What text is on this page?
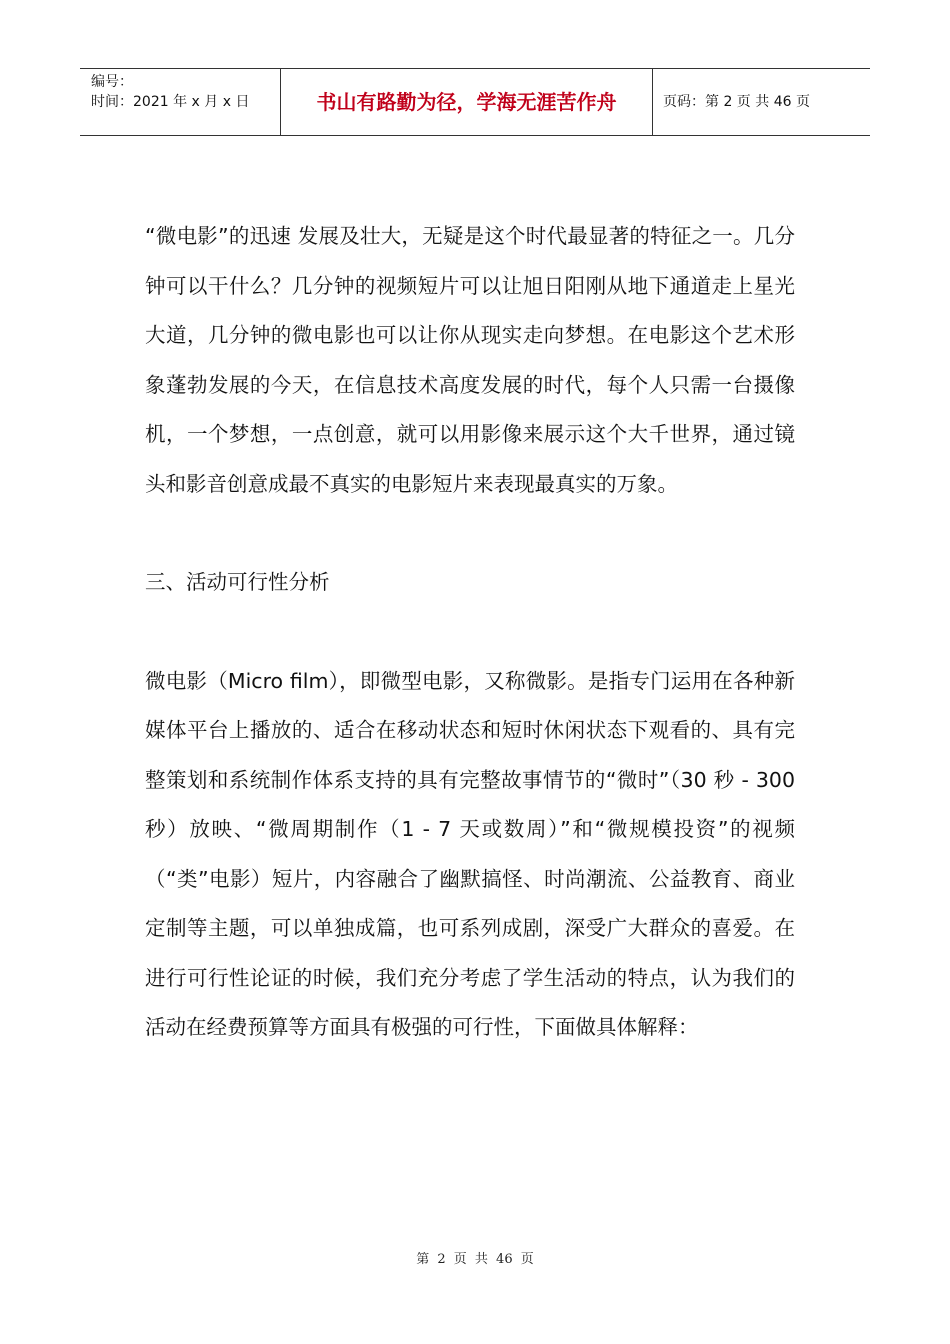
编号：
时间：2021 年 x 月 x 日	书山有路勤为径，学海无涯苦作舟	页码：第 2 页 共 46 页

“微电影”的迅速 发展及壮大，无疑是这个时代最显著的特征之一。几分钟可以干什么？几分钟的视频短片可以让旭日阳刚从地下通道走上星光大道，几分钟的微电影也可以让你从现实走向梦想。在电影这个艺术形象蓬勃发展的今天，在信息技术高度发展的时代，每个人只需一台摄像机，一个梦想，一点创意，就可以用影像来展示这个大千世界，通过镜头和影音创意成最不真实的电影短片来表现最真实的万象。

三、活动可行性分析

微电影（Micro film），即微型电影，又称微影。是指专门运用在各种新媒体平台上播放的、适合在移动状态和短时休闲状态下观看的、具有完整策划和系统制作体系支持的具有完整故事情节的“微时”（30 秒 - 300 秒）放映、“微周期制作（1 - 7 天或数周）”和“微规模投资”的视频（“类”电影）短片，内容融合了幽默搞怪、时尚潮流、公益教育、商业定制等主题，可以单独成篇，也可系列成剧，深受广大群众的喜爱。在进行可行性论证的时候，我们充分考虑了学生活动的特点，认为我们的活动在经费预算等方面具有极强的可行性，下面做具体解释：

第 2 页 共 46 页
